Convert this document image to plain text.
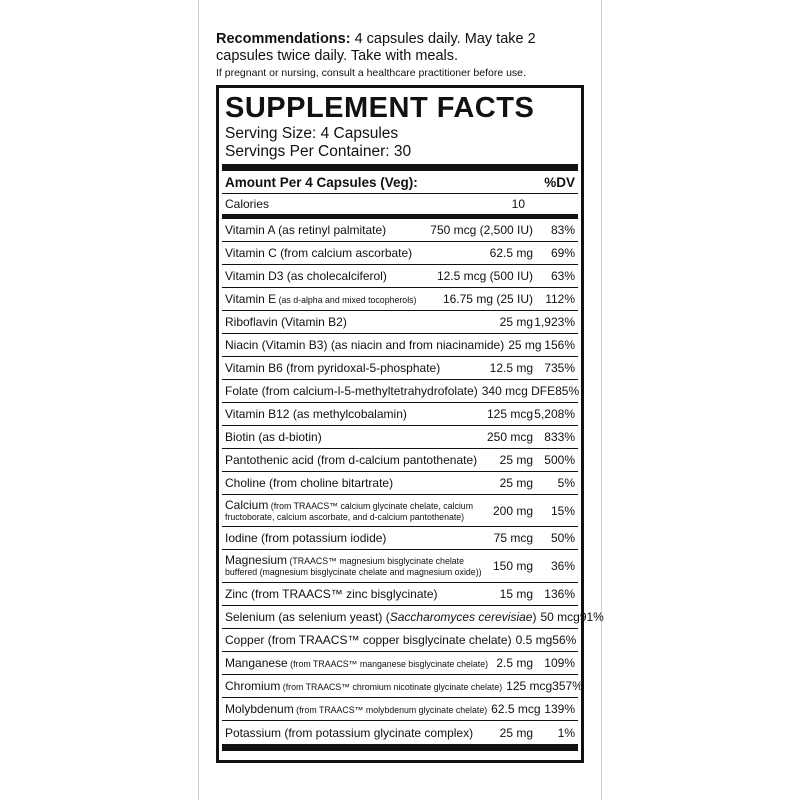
Recommendations: 4 capsules daily. May take 2 capsules twice daily. Take with meals.
If pregnant or nursing, consult a healthcare practitioner before use.
SUPPLEMENT FACTS
Serving Size: 4 Capsules
Servings Per Container: 30
Amount Per 4 Capsules (Veg):	%DV
Calories	10
Vitamin A (as retinyl palmitate)	750 mcg (2,500 IU)	83%
Vitamin C (from calcium ascorbate)	62.5 mg	69%
Vitamin D3 (as cholecalciferol)	12.5 mcg (500 IU)	63%
Vitamin E (as d-alpha and mixed tocopherols)	16.75 mg (25 IU)	112%
Riboflavin (Vitamin B2)	25 mg 1,923%
Niacin (Vitamin B3) (as niacin and from niacinamide) 25 mg 156%
Vitamin B6 (from pyridoxal-5-phosphate)	12.5 mg 735%
Folate (from calcium-l-5-methyltetrahydrofolate) 340 mcg DFE 85%
Vitamin B12 (as methylcobalamin)	125 mcg 5,208%
Biotin (as d-biotin)	250 mcg 833%
Pantothenic acid (from d-calcium pantothenate)	25 mg 500%
Choline (from choline bitartrate)	25 mg	5%
Calcium (from TRAACS™ calcium glycinate chelate, calcium fructoborate, calcium ascorbate, and d-calcium pantothenate)	200 mg	15%
Iodine (from potassium iodide)	75 mcg	50%
Magnesium (TRAACS™ magnesium bisglycinate chelate buffered (magnesium bisglycinate chelate and magnesium oxide)) 150 mg	36%
Zinc (from TRAACS™ zinc bisglycinate)	15 mg 136%
Selenium (as selenium yeast) (Saccharomyces cerevisiae) 50 mcg 91%
Copper (from TRAACS™ copper bisglycinate chelate) 0.5 mg 56%
Manganese (from TRAACS™ manganese bisglycinate chelate) 2.5 mg 109%
Chromium (from TRAACS™ chromium nicotinate glycinate chelate) 125 mcg 357%
Molybdenum (from TRAACS™ molybdenum glycinate chelate) 62.5 mcg 139%
Potassium (from potassium glycinate complex)	25 mg	1%
